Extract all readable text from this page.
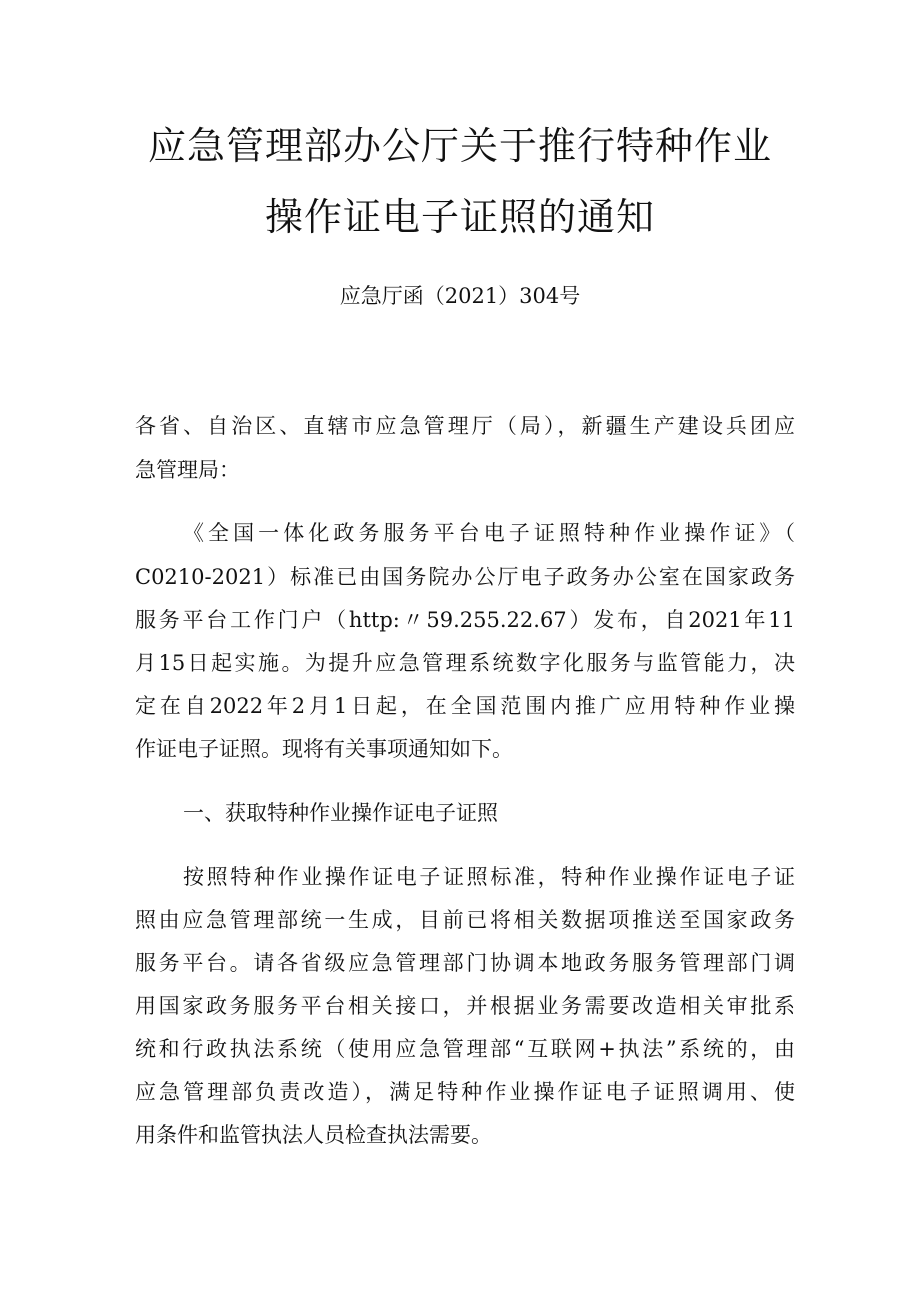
应急管理部办公厅关于推行特种作业
操作证电子证照的通知
应急厅函（2021）304号
各省、自治区、直辖市应急管理厅（局），新疆生产建设兵团应
急管理局：
《全国一体化政务服务平台电子证照特种作业操作证》（
C0210-2021）标准已由国务院办公厅电子政务办公室在国家政务
服务平台工作门户（http:〃59.255.22.67）发布，自2021年11
月15日起实施。为提升应急管理系统数字化服务与监管能力，决
定在自2022年2月1日起，在全国范围内推广应用特种作业操
作证电子证照。现将有关事项通知如下。
一、获取特种作业操作证电子证照
按照特种作业操作证电子证照标准，特种作业操作证电子证
照由应急管理部统一生成，目前已将相关数据项推送至国家政务
服务平台。请各省级应急管理部门协调本地政务服务管理部门调
用国家政务服务平台相关接口，并根据业务需要改造相关审批系
统和行政执法系统（使用应急管理部“互联网+执法”系统的，由
应急管理部负责改造），满足特种作业操作证电子证照调用、使
用条件和监管执法人员检查执法需要。
